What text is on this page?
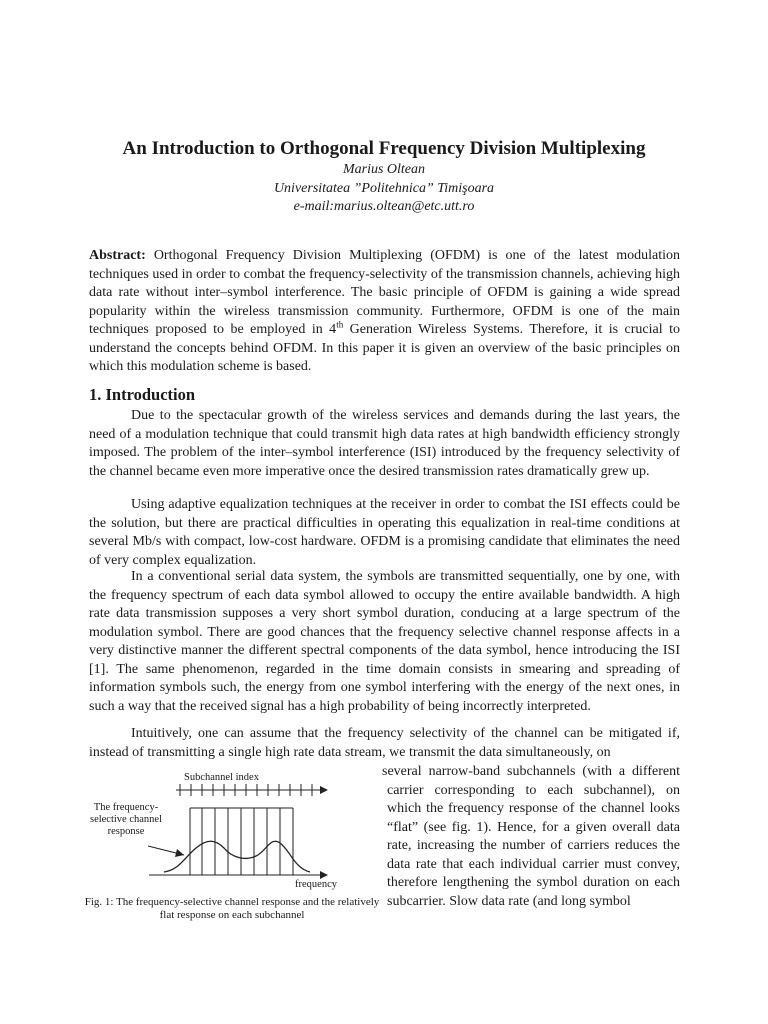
An Introduction to Orthogonal Frequency Division Multiplexing
Marius Oltean
Universitatea ”Politehnica” Timişoara
e-mail:marius.oltean@etc.utt.ro

Abstract: Orthogonal Frequency Division Multiplexing (OFDM) is one of the latest modulation techniques used in order to combat the frequency-selectivity of the transmission channels, achieving high data rate without inter–symbol interference. The basic principle of OFDM is gaining a wide spread popularity within the wireless transmission community. Furthermore, OFDM is one of the main techniques proposed to be employed in 4th Generation Wireless Systems. Therefore, it is crucial to understand the concepts behind OFDM. In this paper it is given an overview of the basic principles on which this modulation scheme is based.

1. Introduction

Due to the spectacular growth of the wireless services and demands during the last years, the need of a modulation technique that could transmit high data rates at high bandwidth efficiency strongly imposed. The problem of the inter–symbol interference (ISI) introduced by the frequency selectivity of the channel became even more imperative once the desired transmission rates dramatically grew up.

Using adaptive equalization techniques at the receiver in order to combat the ISI effects could be the solution, but there are practical difficulties in operating this equalization in real-time conditions at several Mb/s with compact, low-cost hardware. OFDM is a promising candidate that eliminates the need of very complex equalization.

In a conventional serial data system, the symbols are transmitted sequentially, one by one, with the frequency spectrum of each data symbol allowed to occupy the entire available bandwidth. A high rate data transmission supposes a very short symbol duration, conducing at a large spectrum of the modulation symbol. There are good chances that the frequency selective channel response affects in a very distinctive manner the different spectral components of the data symbol, hence introducing the ISI [1]. The same phenomenon, regarded in the time domain consists in smearing and spreading of information symbols such, the energy from one symbol interfering with the energy of the next ones, in such a way that the received signal has a high probability of being incorrectly interpreted.

Intuitively, one can assume that the frequency selectivity of the channel can be mitigated if, instead of transmitting a single high rate data stream, we transmit the data simultaneously, on

several narrow-band subchannels (with a different carrier corresponding to each subchannel), on which the frequency response of the channel looks “flat” (see fig. 1). Hence, for a given overall data rate, increasing the number of carriers reduces the data rate that each individual carrier must convey, therefore lengthening the symbol duration on each subcarrier. Slow data rate (and long symbol

Subchannel index
The frequency-selective channel response
frequency
Fig. 1: The frequency-selective channel response and the relatively flat response on each subchannel
